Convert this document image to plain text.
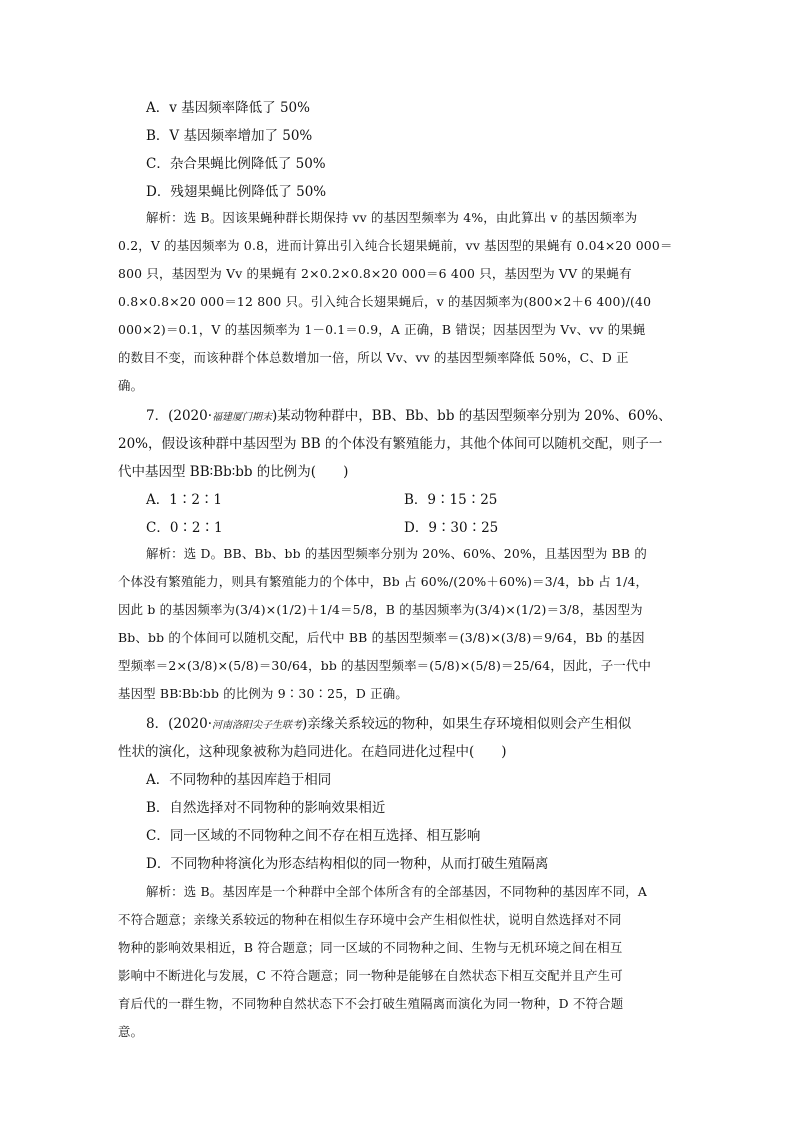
A．v 基因频率降低了 50%
B．V 基因频率增加了 50%
C．杂合果蝇比例降低了 50%
D．残翅果蝇比例降低了 50%
解析：选 B。因该果蝇种群长期保持 vv 的基因型频率为 4%，由此算出 v 的基因频率为
0.2，V 的基因频率为 0.8，进而计算出引入纯合长翅果蝇前，vv 基因型的果蝇有 0.04×20 000＝
800 只，基因型为 Vv 的果蝇有 2×0.2×0.8×20 000＝6 400 只，基因型为 VV 的果蝇有
0.8×0.8×20 000＝12 800 只。引入纯合长翅果蝇后，v 的基因频率为(800×2＋6 400)/(40
000×2)＝0.1，V 的基因频率为 1－0.1＝0.9，A 正确，B 错误；因基因型为 Vv、vv 的果蝇
的数目不变，而该种群个体总数增加一倍，所以 Vv、vv 的基因型频率降低 50%，C、D 正
确。
7．(2020·福建厦门期末)某动物种群中，BB、Bb、bb 的基因型频率分别为 20%、60%、
20%，假设该种群中基因型为 BB 的个体没有繁殖能力，其他个体间可以随机交配，则子一
代中基因型 BB∶Bb∶bb 的比例为(　　)
A．1∶2∶1	B．9∶15∶25
C．0∶2∶1	D．9∶30∶25
解析：选 D。BB、Bb、bb 的基因型频率分别为 20%、60%、20%，且基因型为 BB 的
个体没有繁殖能力，则具有繁殖能力的个体中，Bb 占 60%/(20%＋60%)＝3/4，bb 占 1/4，
因此 b 的基因频率为(3/4)×(1/2)＋1/4＝5/8，B 的基因频率为(3/4)×(1/2)＝3/8，基因型为
Bb、bb 的个体间可以随机交配，后代中 BB 的基因型频率＝(3/8)×(3/8)＝9/64，Bb 的基因
型频率＝2×(3/8)×(5/8)＝30/64，bb 的基因型频率＝(5/8)×(5/8)＝25/64，因此，子一代中
基因型 BB∶Bb∶bb 的比例为 9∶30∶25，D 正确。
8．(2020·河南洛阳尖子生联考)亲缘关系较远的物种，如果生存环境相似则会产生相似
性状的演化，这种现象被称为趋同进化。在趋同进化过程中(　　)
A．不同物种的基因库趋于相同
B．自然选择对不同物种的影响效果相近
C．同一区域的不同物种之间不存在相互选择、相互影响
D．不同物种将演化为形态结构相似的同一物种，从而打破生殖隔离
解析：选 B。基因库是一个种群中全部个体所含有的全部基因，不同物种的基因库不同，A
不符合题意；亲缘关系较远的物种在相似生存环境中会产生相似性状，说明自然选择对不同
物种的影响效果相近，B 符合题意；同一区域的不同物种之间、生物与无机环境之间在相互
影响中不断进化与发展，C 不符合题意；同一物种是能够在自然状态下相互交配并且产生可
育后代的一群生物，不同物种自然状态下不会打破生殖隔离而演化为同一物种，D 不符合题
意。
